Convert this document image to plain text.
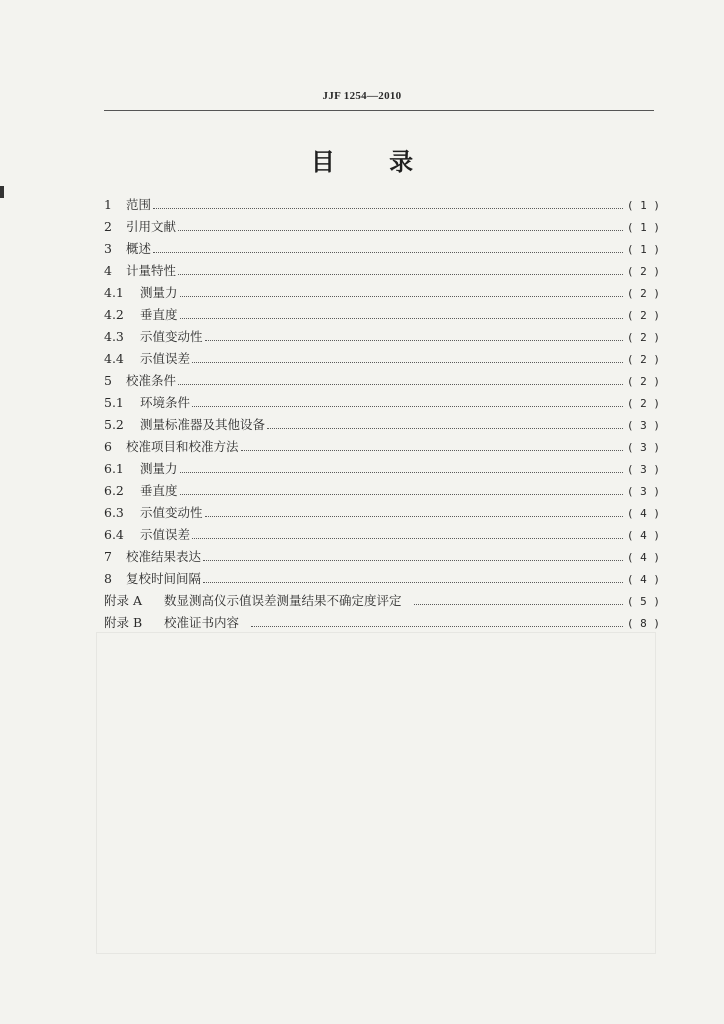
JJF 1254—2010
目 录
1	范围	( 1 )
2	引用文献	( 1 )
3	概述	( 1 )
4	计量特性	( 2 )
4.1	测量力	( 2 )
4.2	垂直度	( 2 )
4.3	示值变动性	( 2 )
4.4	示值误差	( 2 )
5	校准条件	( 2 )
5.1	环境条件	( 2 )
5.2	测量标准器及其他设备	( 3 )
6	校准项目和校准方法	( 3 )
6.1	测量力	( 3 )
6.2	垂直度	( 3 )
6.3	示值变动性	( 4 )
6.4	示值误差	( 4 )
7	校准结果表达	( 4 )
8	复校时间间隔	( 4 )
附录 A	数显测高仪示值误差测量结果不确定度评定	( 5 )
附录 B	校准证书内容	( 8 )
